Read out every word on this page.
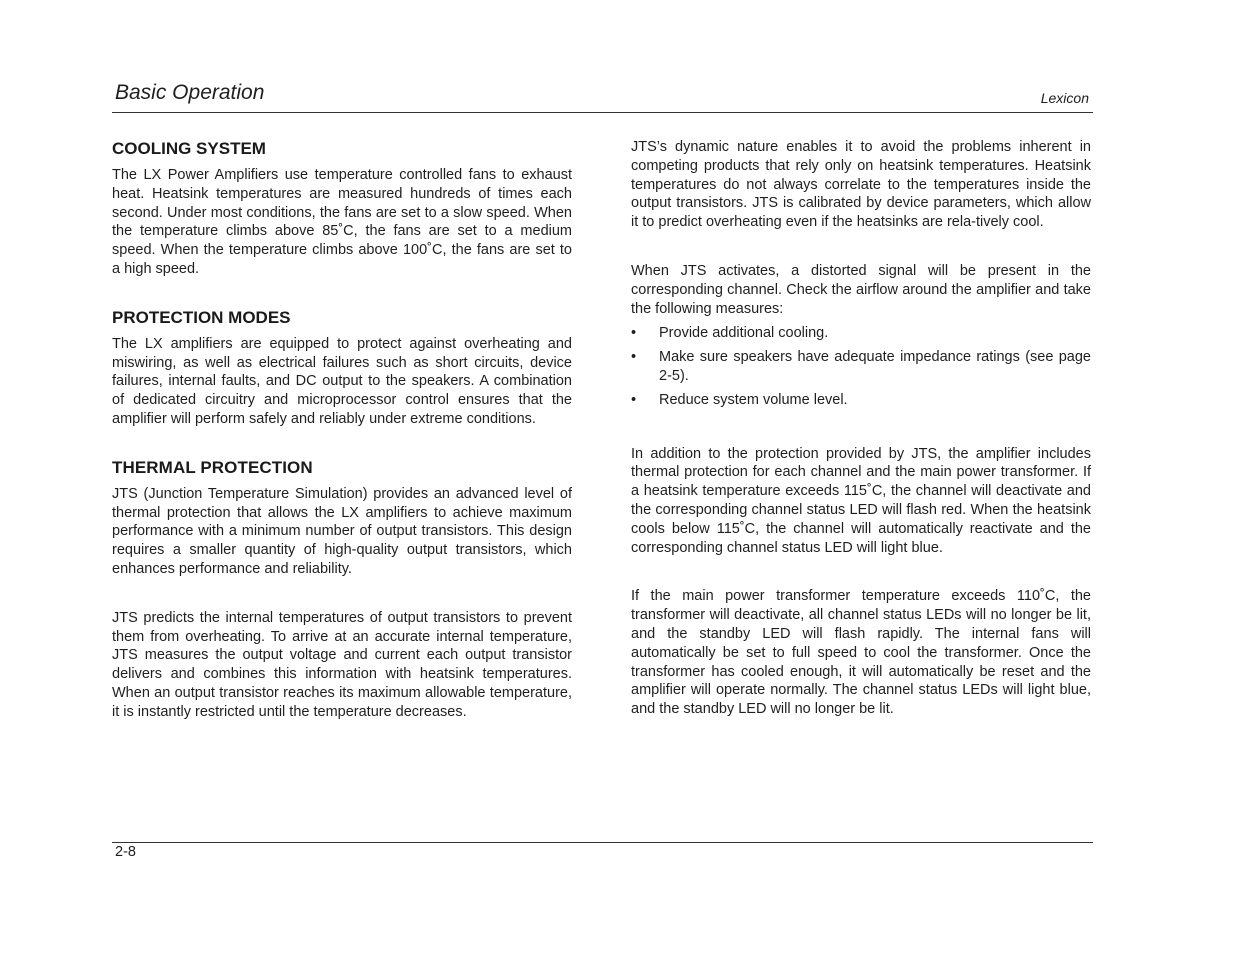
Basic Operation	Lexicon
COOLING SYSTEM

The LX Power Amplifiers use temperature controlled fans to exhaust heat. Heatsink temperatures are measured hundreds of times each second. Under most conditions, the fans are set to a slow speed. When the temperature climbs above 85˚C, the fans are set to a medium speed. When the temperature climbs above 100˚C, the fans are set to a high speed.

PROTECTION MODES

The LX amplifiers are equipped to protect against overheating and miswiring, as well as electrical failures such as short circuits, device failures, internal faults, and DC output to the speakers. A combination of dedicated circuitry and microprocessor control ensures that the amplifier will perform safely and reliably under extreme conditions.

THERMAL PROTECTION

JTS (Junction Temperature Simulation) provides an advanced level of thermal protection that allows the LX amplifiers to achieve maximum performance with a minimum number of output transistors. This design requires a smaller quantity of high-quality output transistors, which enhances performance and reliability.

JTS predicts the internal temperatures of output transistors to prevent them from overheating. To arrive at an accurate internal temperature, JTS measures the output voltage and current each output transistor delivers and combines this information with heatsink temperatures. When an output transistor reaches its maximum allowable temperature, it is instantly restricted until the temperature decreases.

JTS’s dynamic nature enables it to avoid the problems inherent in competing products that rely only on heatsink temperatures. Heatsink temperatures do not always correlate to the temperatures inside the output transistors. JTS is calibrated by device parameters, which allow it to predict overheating even if the heatsinks are rela-tively cool.

When JTS activates, a distorted signal will be present in the corresponding channel. Check the airflow around the amplifier and take the following measures:

• Provide additional cooling.
• Make sure speakers have adequate impedance ratings (see page 2-5).
• Reduce system volume level.

In addition to the protection provided by JTS, the amplifier includes thermal protection for each channel and the main power transformer. If a heatsink temperature exceeds 115˚C, the channel will deactivate and the corresponding channel status LED will flash red. When the heatsink cools below 115˚C, the channel will automatically reactivate and the corresponding channel status LED will light blue.

If the main power transformer temperature exceeds 110˚C, the transformer will deactivate, all channel status LEDs will no longer be lit, and the standby LED will flash rapidly. The internal fans will automatically be set to full speed to cool the transformer. Once the transformer has cooled enough, it will automatically be reset and the amplifier will operate normally. The channel status LEDs will light blue, and the standby LED will no longer be lit.

2-8
